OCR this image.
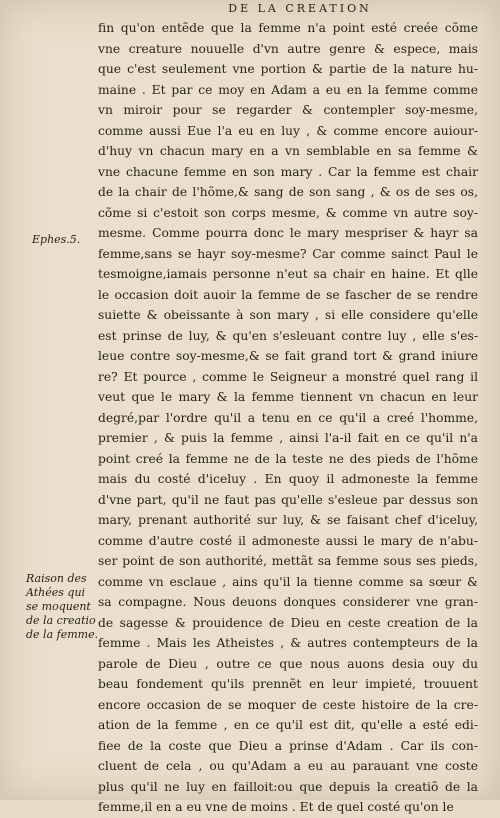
DE LA CREATION
Ephes.5.
Raison des
Athées qui
se moquent
de la creatio
de la femme.
fin qu'on entẽde que la femme n'a point esté creée cõme
vne creature nouuelle d'vn autre genre & espece, mais
que c'est seulement vne portion & partie de la nature hu-
maine . Et par ce moy en Adam a eu en la femme comme
vn miroir pour se regarder & contempler soy-mesme,
comme aussi Eue l'a eu en luy , & comme encore auiour-
d'huy vn chacun mary en a vn semblable en sa femme &
vne chacune femme en son mary . Car la femme est chair
de la chair de l'hõme,& sang de son sang , & os de ses os,
cõme si c'estoit son corps mesme, & comme vn autre soy-
mesme. Comme pourra donc le mary mespriser & hayr sa
femme,sans se hayr soy-mesme? Car comme sainct Paul le
tesmoigne,iamais personne n'eut sa chair en haine. Et qlle
le occasion doit auoir la femme de se fascher de se rendre
suiette & obeissante à son mary , si elle considere qu'elle
est prinse de luy, & qu'en s'esleuant contre luy , elle s'es-
leue contre soy-mesme,& se fait grand tort & grand iniure
re? Et pource , comme le Seigneur a monstré quel rang il
veut que le mary & la femme tiennent vn chacun en leur
degré,par l'ordre qu'il a tenu en ce qu'il a creé l'homme,
premier , & puis la femme , ainsi l'a-il fait en ce qu'il n'a
point creé la femme ne de la teste ne des pieds de l'hõme
mais du costé d'iceluy . En quoy il admoneste la femme
d'vne part, qu'il ne faut pas qu'elle s'esleue par dessus son
mary, prenant authorité sur luy, & se faisant chef d'iceluy,
comme d'autre costé il admoneste aussi le mary de n'abu-
ser point de son authorité, mettãt sa femme sous ses pieds,
comme vn esclaue , ains qu'il la tienne comme sa sœur &
sa compagne. Nous deuons donques considerer vne gran-
de sagesse & prouidence de Dieu en ceste creation de la
femme . Mais les Atheistes , & autres contempteurs de la
parole de Dieu , outre ce que nous auons desia ouy du
beau fondement qu'ils prennẽt en leur impieté, trouuent
encore occasion de se moquer de ceste histoire de la cre-
ation de la femme , en ce qu'il est dit, qu'elle a esté edi-
fiee de la coste que Dieu a prinse d'Adam . Car ils con-
cluent de cela , ou qu'Adam a eu au parauant vne coste
plus qu'il ne luy en failloit:ou que depuis la creatiõ de la
femme,il en a eu vne de moins . Et de quel costé qu'on le
